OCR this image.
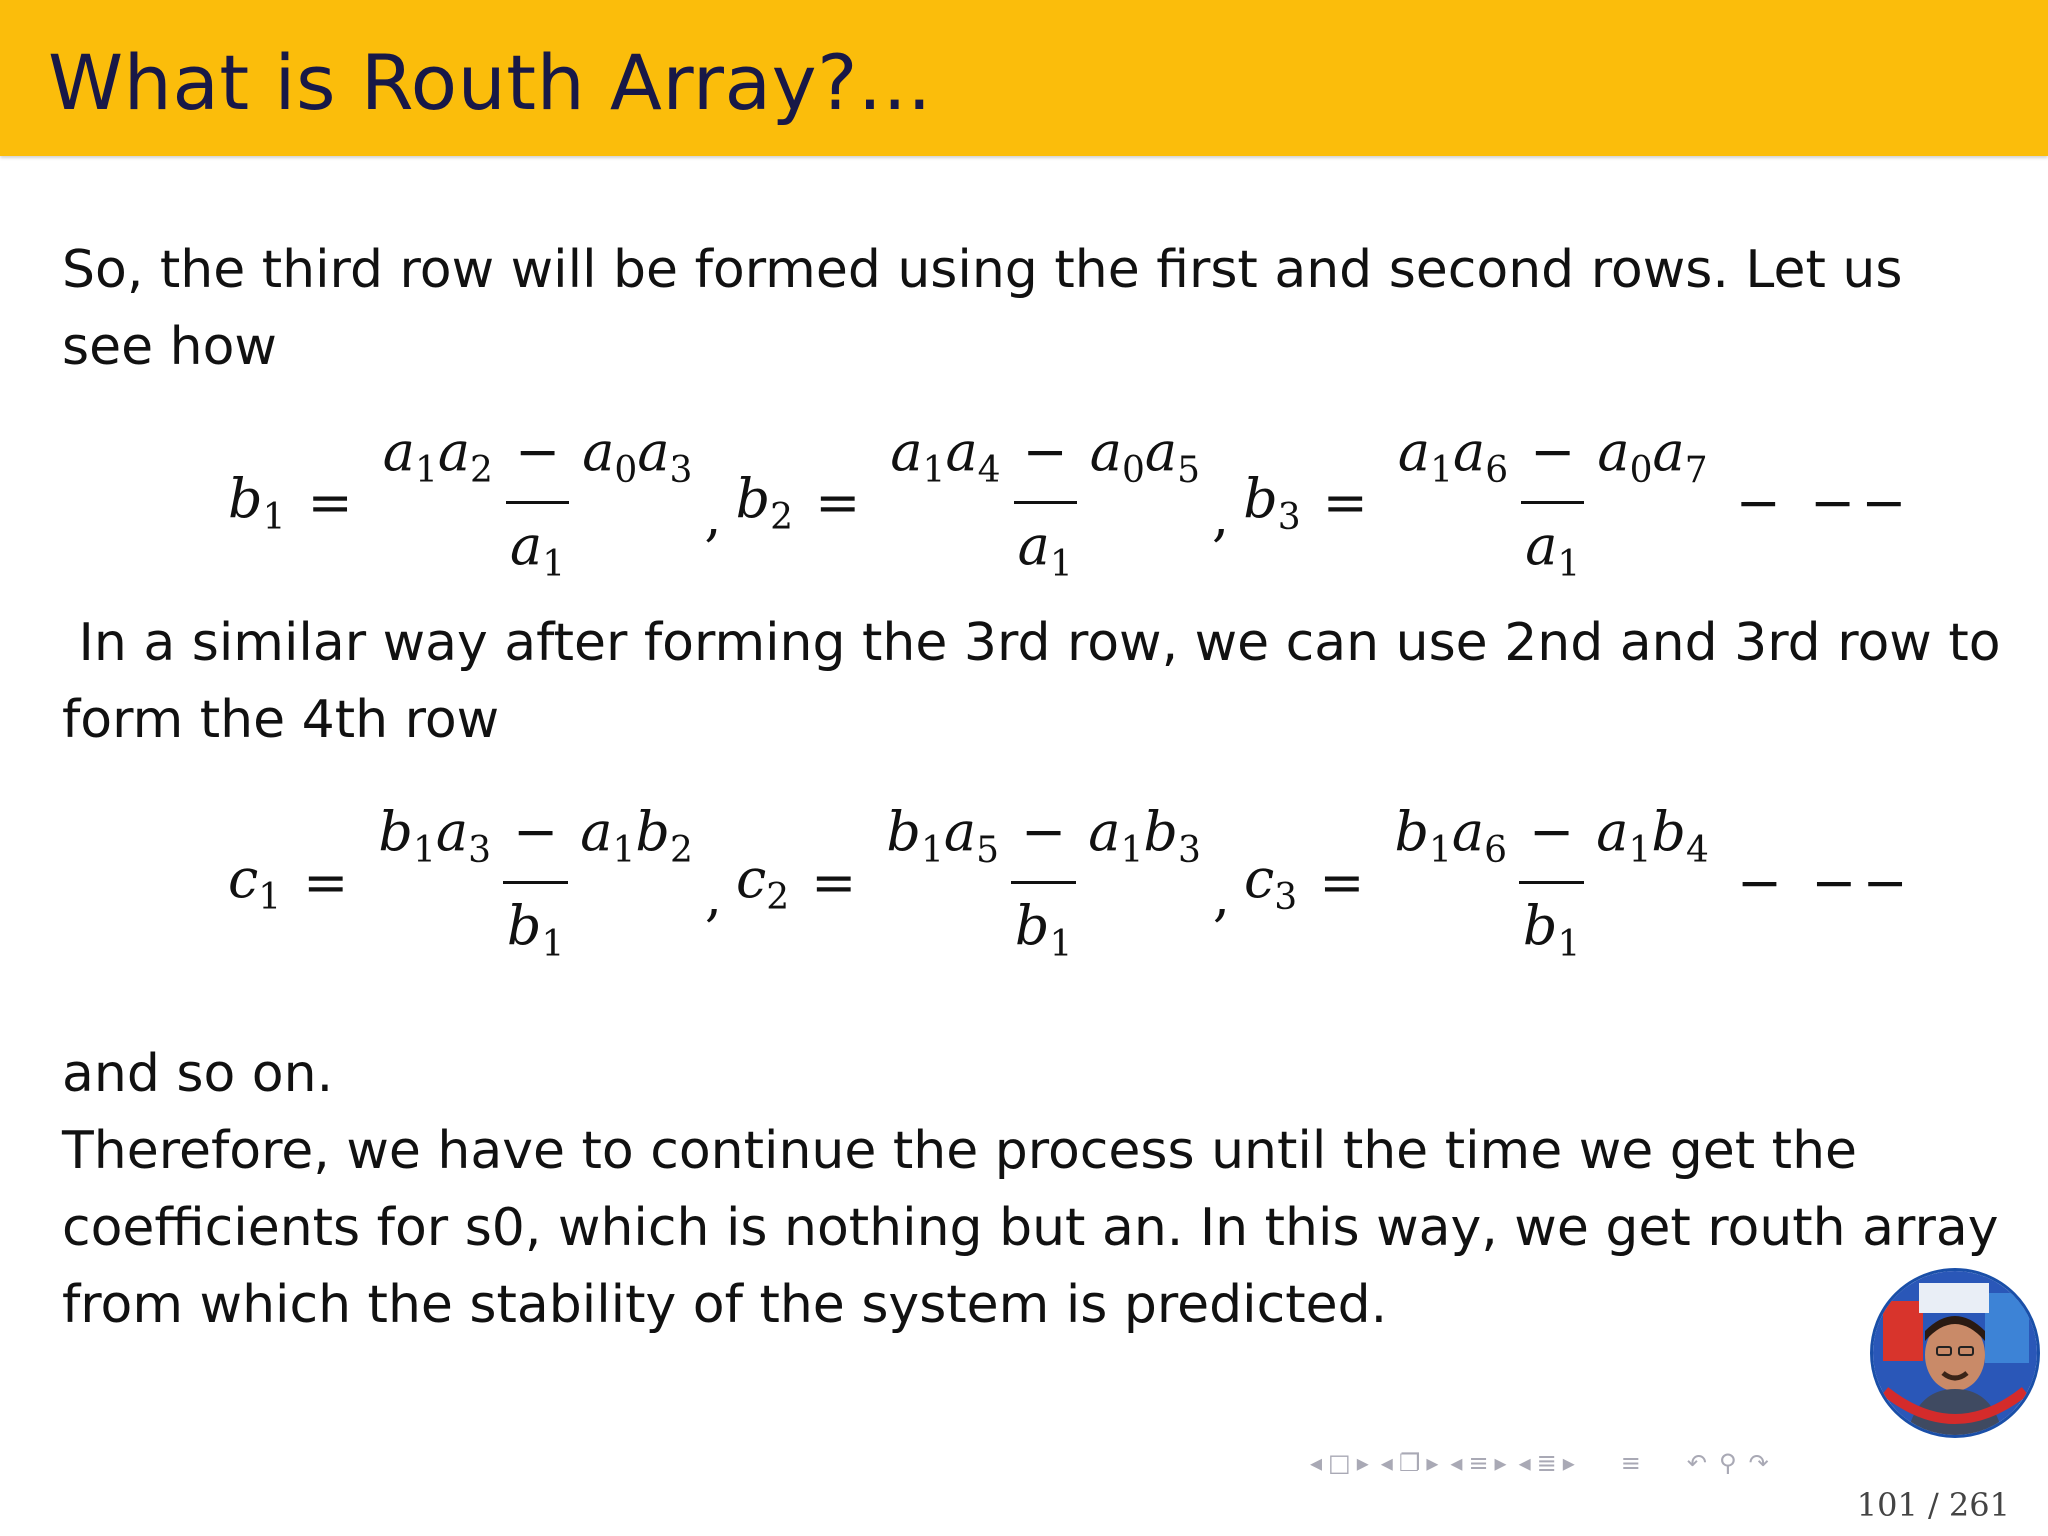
What is Routh Array?...

So, the third row will be formed using the first and second rows. Let us see how

$b_1 = \frac{a_1a_2 - a_0a_3}{a_1}$ , $b_2 = \frac{a_1a_4 - a_0a_5}{a_1}$ , $b_3 = \frac{a_1a_6 - a_0a_7}{a_1}$ − −−

In a similar way after forming the 3rd row, we can use 2nd and 3rd row to form the 4th row

$c_1 = \frac{b_1a_3 - a_1b_2}{b_1}$ , $c_2 = \frac{b_1a_5 - a_1b_3}{b_1}$ , $c_3 = \frac{b_1a_6 - a_1b_4}{b_1}$ − −−

and so on.

Therefore, we have to continue the process until the time we get the coefficients for s0, which is nothing but an. In this way, we get routh array from which the stability of the system is predicted.

◂ □ ▸ ◂ ❐ ▸ ◂ ≡ ▸ ◂ ≣ ▸ ≡ ↶ ⚲ ↷
101 / 261
